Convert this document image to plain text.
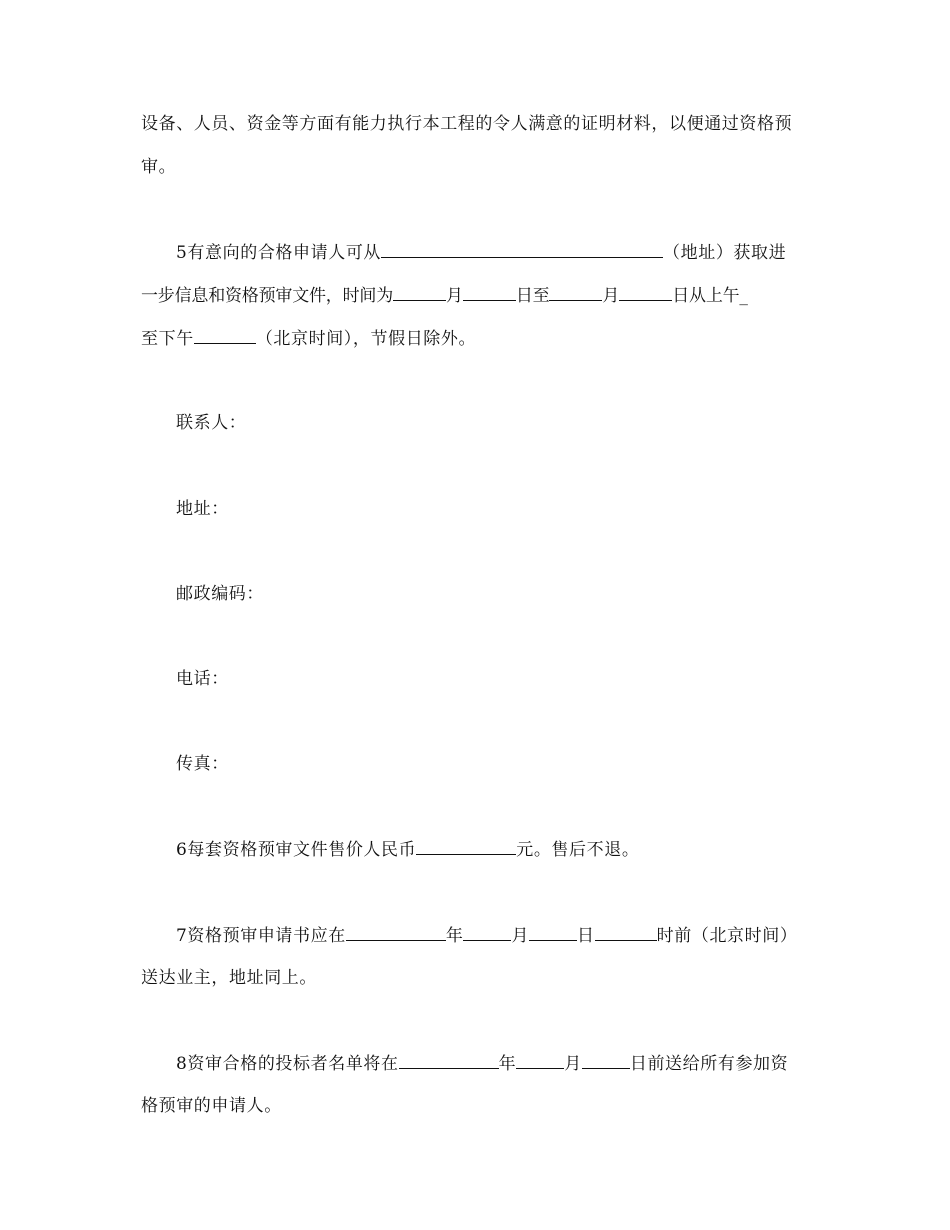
设备、人员、资金等方面有能力执行本工程的令人满意的证明材料，以便通过资格预
审。
5有意向的合格申请人可从	（地址）获取进
一步信息和资格预审文件，时间为	月	日至	月	日从上午_
至下午	（北京时间），节假日除外。
联系人：
地址：
邮政编码：
电话：
传真：
6每套资格预审文件售价人民币	元。售后不退。
7资格预审申请书应在	年	月	日	时前（北京时间）
送达业主，地址同上。
8资审合格的投标者名单将在	年	月	日前送给所有参加资
格预审的申请人。
